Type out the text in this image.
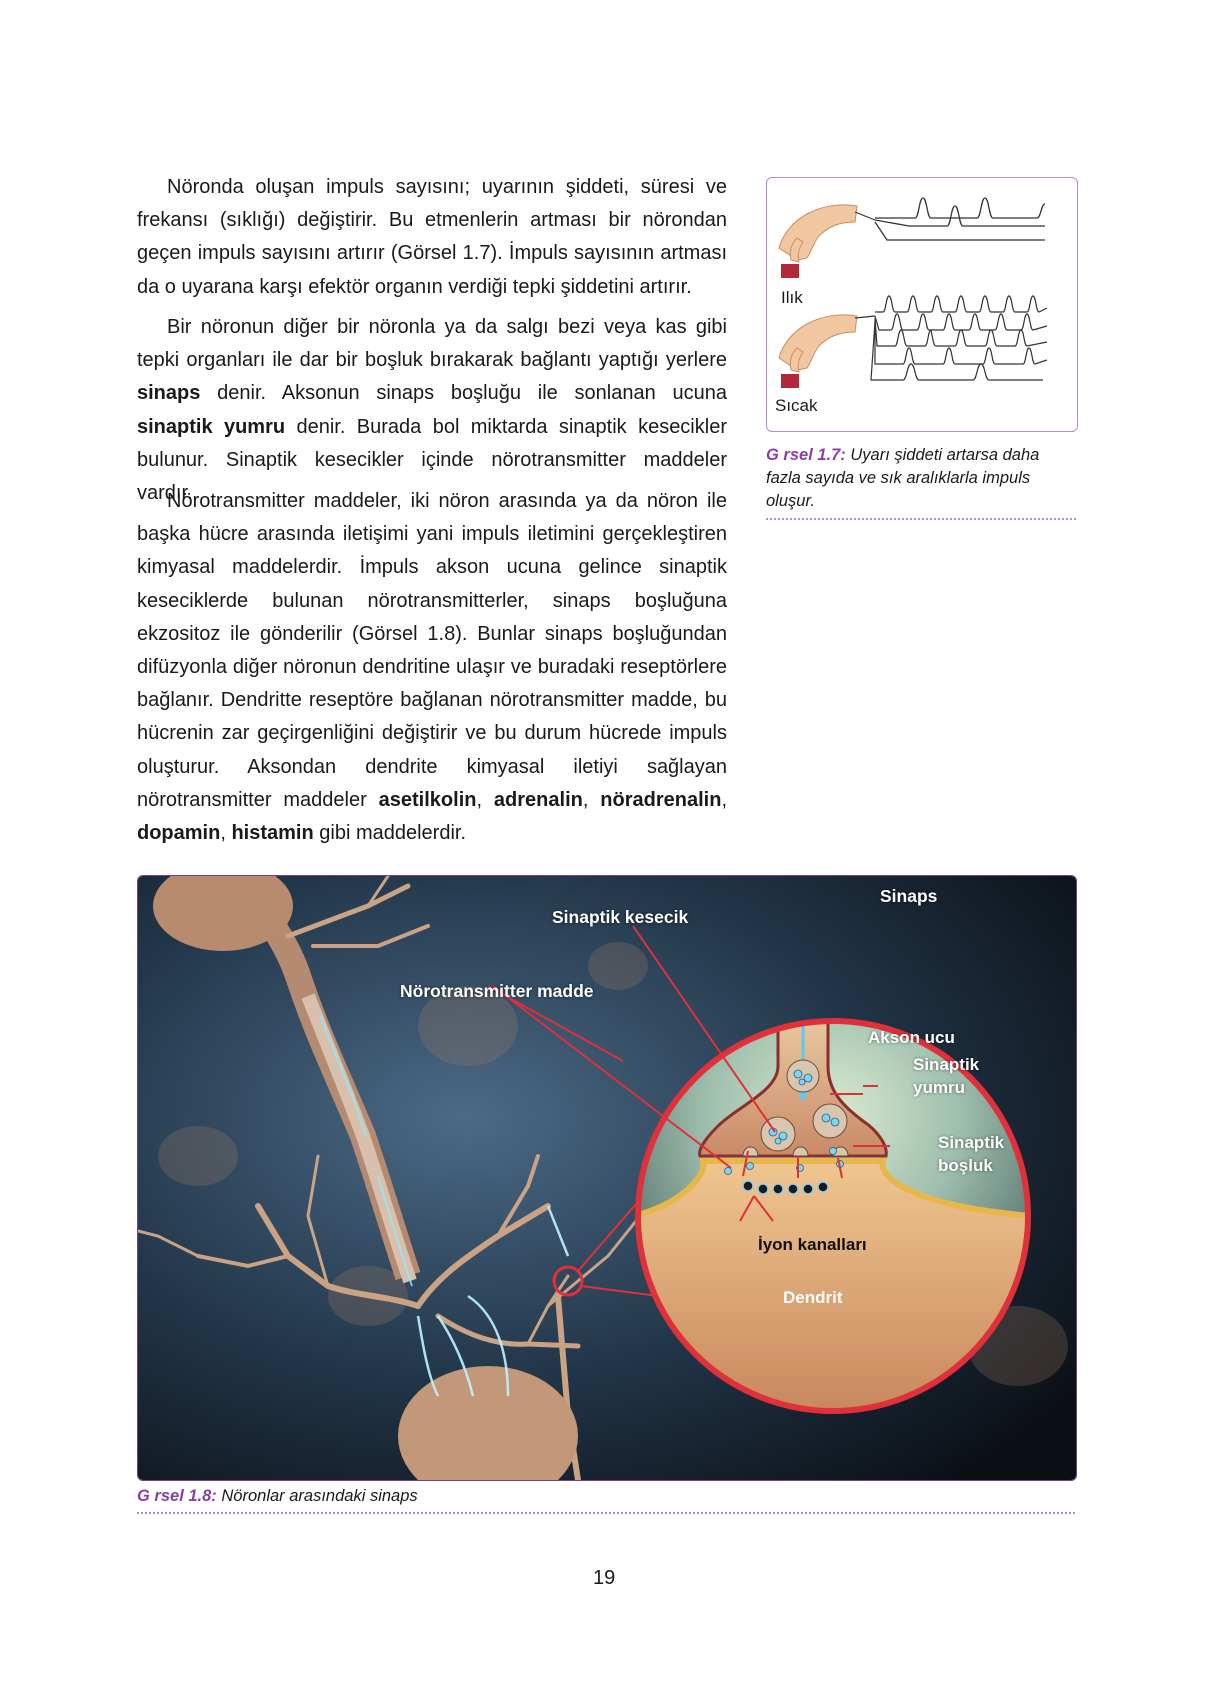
Nöronda oluşan impuls sayısını; uyarının şiddeti, süresi ve frekansı (sıklığı) değiştirir. Bu etmenlerin artması bir nörondan geçen impuls sayısını artırır (Görsel 1.7). İmpuls sayısının artması da o uyarana karşı efektör organın verdiği tepki şiddetini artırır.

Bir nöronun diğer bir nöronla ya da salgı bezi veya kas gibi tepki organları ile dar bir boşluk bırakarak bağlantı yaptığı yerlere sinaps denir. Aksonun sinaps boşluğu ile sonlanan ucuna sinaptik yumru denir. Burada bol miktarda sinaptik kesecikler bulunur. Sinaptik kesecikler içinde nörotransmitter maddeler vardır.

Nörotransmitter maddeler, iki nöron arasında ya da nöron ile başka hücre arasında iletişimi yani impuls iletimini gerçekleştiren kimyasal maddelerdir. İmpuls akson ucuna gelince sinaptik keseciklerde bulunan nörotransmitterler, sinaps boşluğuna ekzositoz ile gönderilir (Görsel 1.8). Bunlar sinaps boşluğundan difüzyonla diğer nöronun dendritine ulaşır ve buradaki reseptörlere bağlanır. Dendritte reseptöre bağlanan nörotransmitter madde, bu hücrenin zar geçirgenliğini değiştirir ve bu durum hücrede impuls oluşturur. Aksondan dendrite kimyasal iletiyi sağlayan nörotransmitter maddeler asetilkolin, adrenalin, nöradrenalin, dopamin, histamin gibi maddelerdir.

Ilık
Sıcak
G rsel 1.7: Uyarı şiddeti artarsa daha fazla sayıda ve sık aralıklarla impuls oluşur.
Sinaps
Sinaptik kesecik
Nörotransmitter madde
Akson ucu
Sinaptik
yumru
Sinaptik
boşluk
İyon kanalları
Dendrit
G rsel 1.8: Nöronlar arasındaki sinaps
19
